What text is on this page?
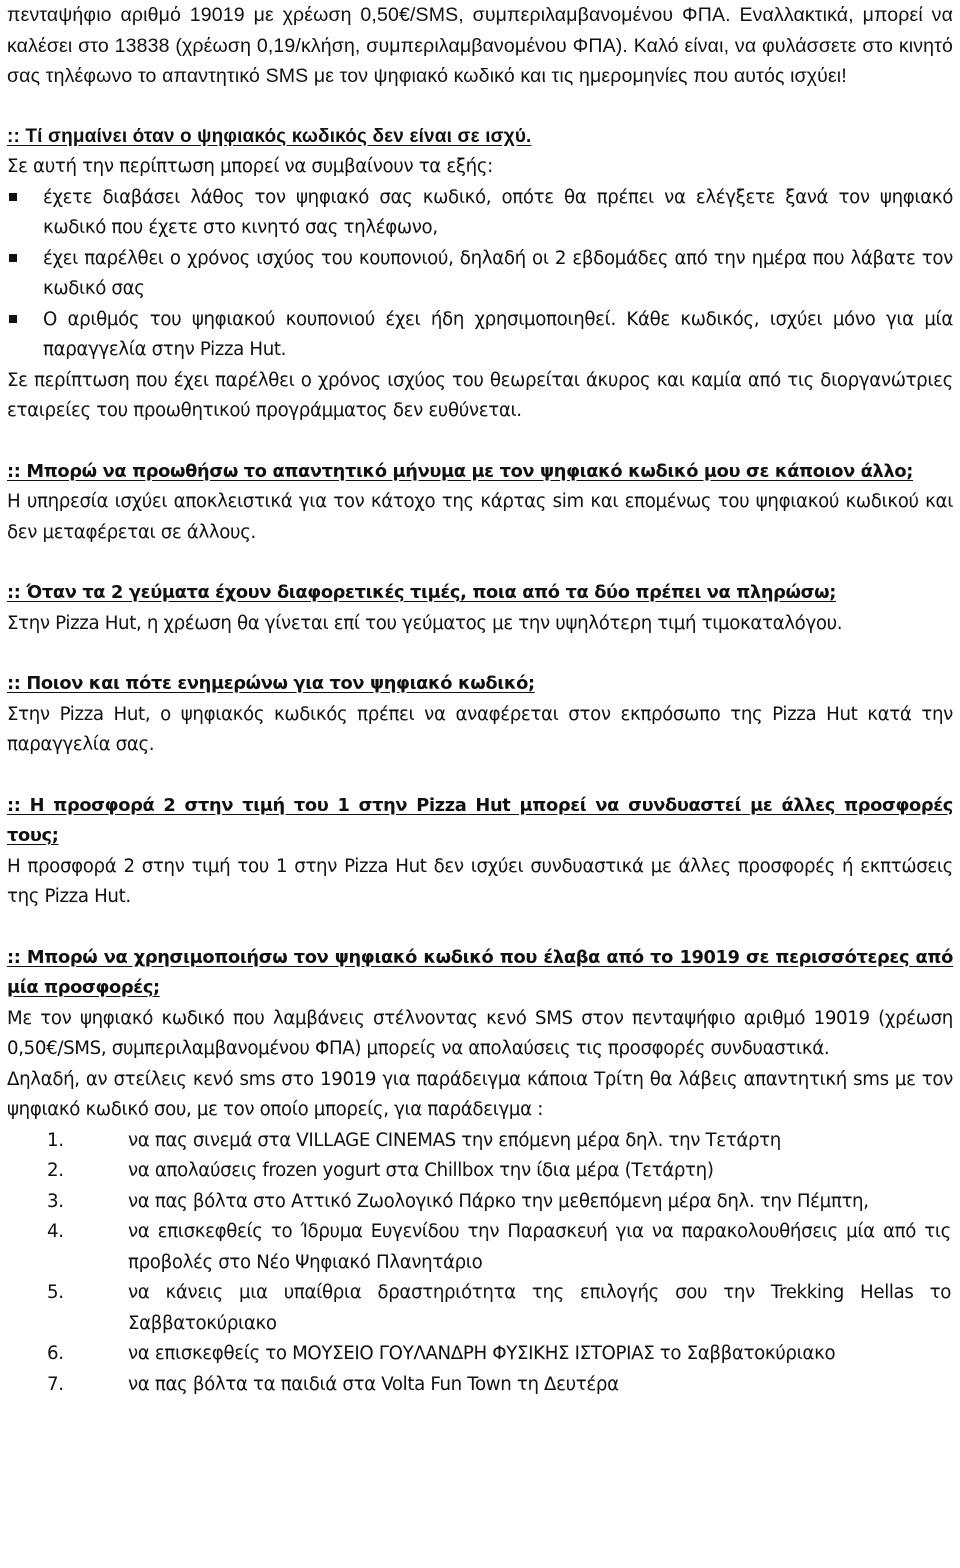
πενταψήφιο αριθμό 19019 με χρέωση 0,50€/SMS, συμπεριλαμβανομένου ΦΠΑ. Εναλλακτικά, μπορεί να καλέσει στο 13838 (χρέωση 0,19/κλήση, συμπεριλαμβανομένου ΦΠΑ). Καλό είναι, να φυλάσσετε στο κινητό σας τηλέφωνο το απαντητικό SMS με τον ψηφιακό κωδικό και τις ημερομηνίες που αυτός ισχύει!

:: Τί σημαίνει όταν ο ψηφιακός κωδικός δεν είναι σε ισχύ.

Σε αυτή την περίπτωση μπορεί να συμβαίνουν τα εξής:

έχετε διαβάσει λάθος τον ψηφιακό σας κωδικό, οπότε θα πρέπει να ελέγξετε ξανά τον ψηφιακό κωδικό που έχετε στο κινητό σας τηλέφωνο,
έχει παρέλθει ο χρόνος ισχύος του κουπονιού, δηλαδή οι 2 εβδομάδες από την ημέρα που λάβατε τον κωδικό σας
Ο αριθμός του ψηφιακού κουπονιού έχει ήδη χρησιμοποιηθεί. Κάθε κωδικός, ισχύει μόνο για μία παραγγελία στην Pizza Hut.

Σε περίπτωση που έχει παρέλθει ο χρόνος ισχύος του θεωρείται άκυρος και καμία από τις διοργανώτριες εταιρείες του προωθητικού προγράμματος δεν ευθύνεται.

:: Μπορώ να προωθήσω το απαντητικό μήνυμα με τον ψηφιακό κωδικό μου σε κάποιον άλλο;

Η υπηρεσία ισχύει αποκλειστικά για τον κάτοχο της κάρτας sim και επομένως του ψηφιακού κωδικού και δεν μεταφέρεται σε άλλους.

:: Όταν τα 2 γεύματα έχουν διαφορετικές τιμές, ποια από τα δύο πρέπει να πληρώσω;

Στην Pizza Hut, η χρέωση θα γίνεται επί του γεύματος με την υψηλότερη τιμή τιμοκαταλόγου.

:: Ποιον και πότε ενημερώνω για τον ψηφιακό κωδικό;

Στην Pizza Hut, ο ψηφιακός κωδικός πρέπει να αναφέρεται στον εκπρόσωπο της Pizza Hut κατά την παραγγελία σας.

:: Η προσφορά 2 στην τιμή του 1 στην Pizza Hut μπορεί να συνδυαστεί με άλλες προσφορές τους;

Η προσφορά 2 στην τιμή του 1 στην Pizza Hut δεν ισχύει συνδυαστικά με άλλες προσφορές ή εκπτώσεις της Pizza Hut.

:: Μπορώ να χρησιμοποιήσω τον ψηφιακό κωδικό που έλαβα από το 19019 σε περισσότερες από μία προσφορές;

Με τον ψηφιακό κωδικό που λαμβάνεις στέλνοντας κενό SMS στον πενταψήφιο αριθμό 19019 (χρέωση 0,50€/SMS, συμπεριλαμβανομένου ΦΠΑ) μπορείς να απολαύσεις τις προσφορές συνδυαστικά.

Δηλαδή, αν στείλεις κενό sms στο 19019 για παράδειγμα κάποια Τρίτη θα λάβεις απαντητική sms με τον ψηφιακό κωδικό σου, με τον οποίο μπορείς, για παράδειγμα :

1.	να πας σινεμά στα VILLAGE CINEMAS την επόμενη μέρα δηλ. την Τετάρτη
2.	να απολαύσεις frozen yogurt στα Chillbox την ίδια μέρα (Τετάρτη)
3.	να πας βόλτα στο Αττικό Ζωολογικό Πάρκο την μεθεπόμενη μέρα δηλ. την Πέμπτη,
4.	να επισκεφθείς το Ίδρυμα Ευγενίδου την Παρασκευή για να παρακολουθήσεις μία από τις προβολές στο Νέο Ψηφιακό Πλανητάριο
5.	να κάνεις μια υπαίθρια δραστηριότητα της επιλογής σου την Trekking Hellas το Σαββατοκύριακο
6.	να επισκεφθείς το ΜΟΥΣΕΙΟ ΓΟΥΛΑΝΔΡΗ ΦΥΣΙΚΗΣ ΙΣΤΟΡΙΑΣ το Σαββατοκύριακο
7.	να πας βόλτα τα παιδιά στα Volta Fun Town τη Δευτέρα
